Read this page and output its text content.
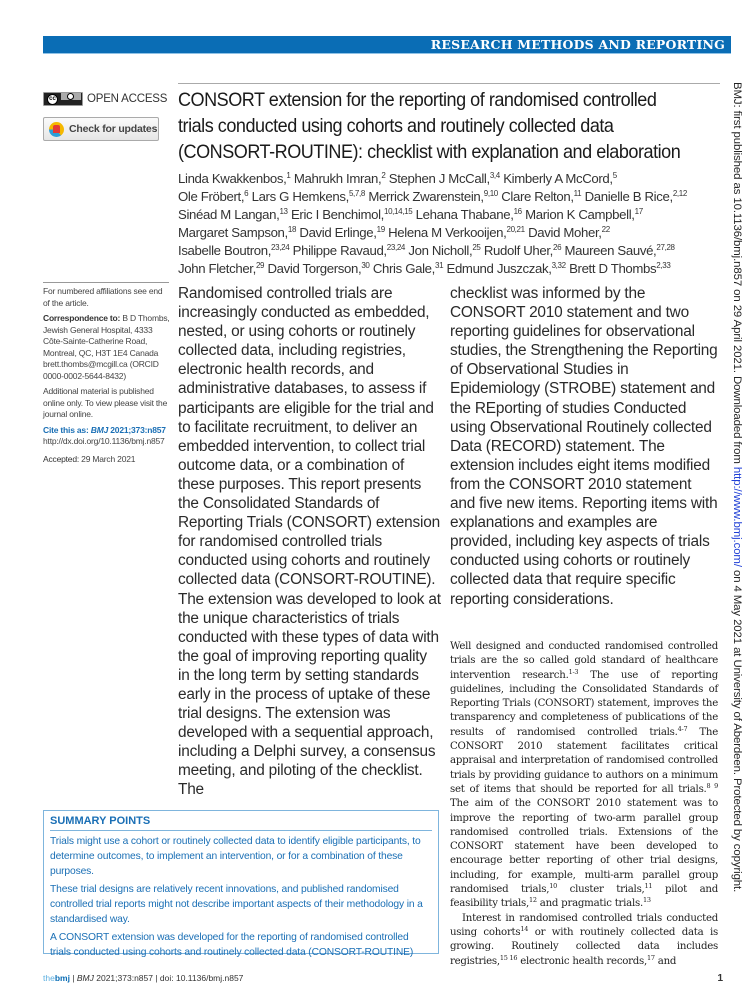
RESEARCH METHODS AND REPORTING
cc	OPEN ACCESS
Check for updates
CONSORT extension for the reporting of randomised controlled trials conducted using cohorts and routinely collected data (CONSORT-ROUTINE): checklist with explanation and elaboration
Linda Kwakkenbos,$^1$ Mahrukh Imran,$^2$ Stephen J McCall,$^{3,4}$ Kimberly A McCord,$^5$
Ole Fröbert,$^6$ Lars G Hemkens,$^{5,7,8}$ Merrick Zwarenstein,$^{9,10}$ Clare Relton,$^{11}$ Danielle B Rice,$^{2,12}$
Sinéad M Langan,$^{13}$ Eric I Benchimol,$^{10,14,15}$ Lehana Thabane,$^{16}$ Marion K Campbell,$^{17}$
Margaret Sampson,$^{18}$ David Erlinge,$^{19}$ Helena M Verkooijen,$^{20,21}$ David Moher,$^{22}$
Isabelle Boutron,$^{23,24}$ Philippe Ravaud,$^{23,24}$ Jon Nicholl,$^{25}$ Rudolf Uher,$^{26}$ Maureen Sauvé,$^{27,28}$
John Fletcher,$^{29}$ David Torgerson,$^{30}$ Chris Gale,$^{31}$ Edmund Juszczak,$^{3,32}$ Brett D Thombs$^{2,33}$

For numbered affiliations see end of the article.

Correspondence to: B D Thombs, Jewish General Hospital, 4333 Côte-Sainte-Catherine Road, Montreal, QC, H3T 1E4 Canada brett.thombs@mcgill.ca (ORCID 0000-0002-5644-8432)

Additional material is published online only. To view please visit the journal online.

Cite this as: BMJ 2021;373:n857

http://dx.doi.org/10.1136/bmj.n857

Accepted: 29 March 2021

Randomised controlled trials are increasingly conducted as embedded, nested, or using cohorts or routinely collected data, including registries, electronic health records, and administrative databases, to assess if participants are eligible for the trial and to facilitate recruitment, to deliver an embedded intervention, to collect trial outcome data, or a combination of these purposes. This report presents the Consolidated Standards of Reporting Trials (CONSORT) extension for randomised controlled trials conducted using cohorts and routinely collected data (CONSORT-ROUTINE). The extension was developed to look at the unique characteristics of trials conducted with these types of data with the goal of improving reporting quality in the long term by setting standards early in the process of uptake of these trial designs. The extension was developed with a sequential approach, including a Delphi survey, a consensus meeting, and piloting of the checklist. The
checklist was informed by the CONSORT 2010 statement and two reporting guidelines for observational studies, the Strengthening the Reporting of Observational Studies in Epidemiology (STROBE) statement and the REporting of studies Conducted using Observational Routinely collected Data (RECORD) statement. The extension includes eight items modified from the CONSORT 2010 statement and five new items. Reporting items with explanations and examples are provided, including key aspects of trials conducted using cohorts or routinely collected data that require specific reporting considerations.

Well designed and conducted randomised controlled trials are the so called gold standard of healthcare intervention research.$^{1-3}$ The use of reporting guidelines, including the Consolidated Standards of Reporting Trials (CONSORT) statement, improves the transparency and completeness of publications of the results of randomised controlled trials.$^{4-7}$ The CONSORT 2010 statement facilitates critical appraisal and interpretation of randomised controlled trials by providing guidance to authors on a minimum set of items that should be reported for all trials.$^{8 9}$ The aim of the CONSORT 2010 statement was to improve the reporting of two-arm parallel group randomised controlled trials. Extensions of the CONSORT statement have been developed to encourage better reporting of other trial designs, including, for example, multi-arm parallel group randomised trials,$^{10}$ cluster trials,$^{11}$ pilot and feasibility trials,$^{12}$ and pragmatic trials.$^{13}$

Interest in randomised controlled trials conducted using cohorts$^{14}$ or with routinely collected data is growing. Routinely collected data includes registries,$^{15 16}$ electronic health records,$^{17}$ and

SUMMARY POINTS

Trials might use a cohort or routinely collected data to identify eligible participants, to determine outcomes, to implement an intervention, or for a combination of these purposes.

These trial designs are relatively recent innovations, and published randomised controlled trial reports might not describe important aspects of their methodology in a standardised way.

A CONSORT extension was developed for the reporting of randomised controlled trials conducted using cohorts and routinely collected data (CONSORT-ROUTINE)

thebmj | BMJ 2021;373:n857 | doi: 10.1136/bmj.n857	1
BMJ: first published as 10.1136/bmj.n857 on 29 April 2021. Downloaded from http://www.bmj.com/ on 4 May 2021 at University of Aberdeen. Protected by copyright.
